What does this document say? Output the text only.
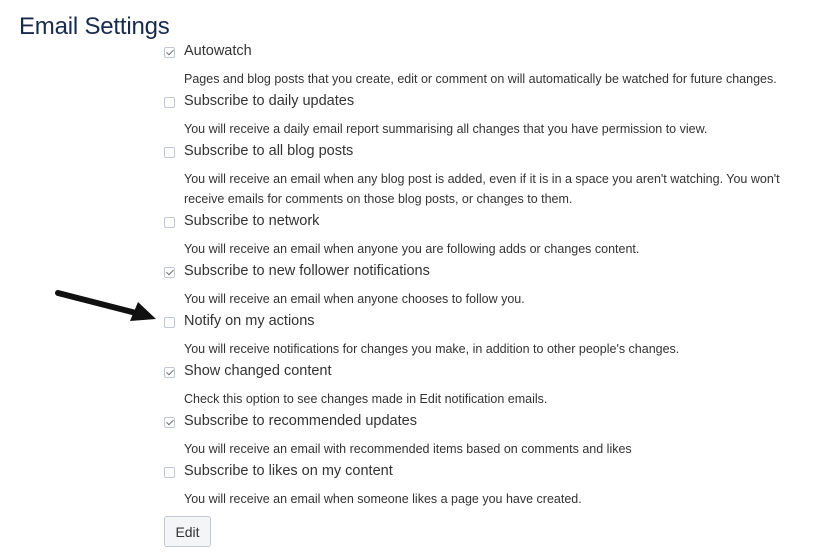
Email Settings
Autowatch
Pages and blog posts that you create, edit or comment on will automatically be watched for future changes.
Subscribe to daily updates
You will receive a daily email report summarising all changes that you have permission to view.
Subscribe to all blog posts
You will receive an email when any blog post is added, even if it is in a space you aren't watching. You won't receive emails for comments on those blog posts, or changes to them.
Subscribe to network
You will receive an email when anyone you are following adds or changes content.
Subscribe to new follower notifications
You will receive an email when anyone chooses to follow you.
Notify on my actions
You will receive notifications for changes you make, in addition to other people's changes.
Show changed content
Check this option to see changes made in Edit notification emails.
Subscribe to recommended updates
You will receive an email with recommended items based on comments and likes
Subscribe to likes on my content
You will receive an email when someone likes a page you have created.
Edit
